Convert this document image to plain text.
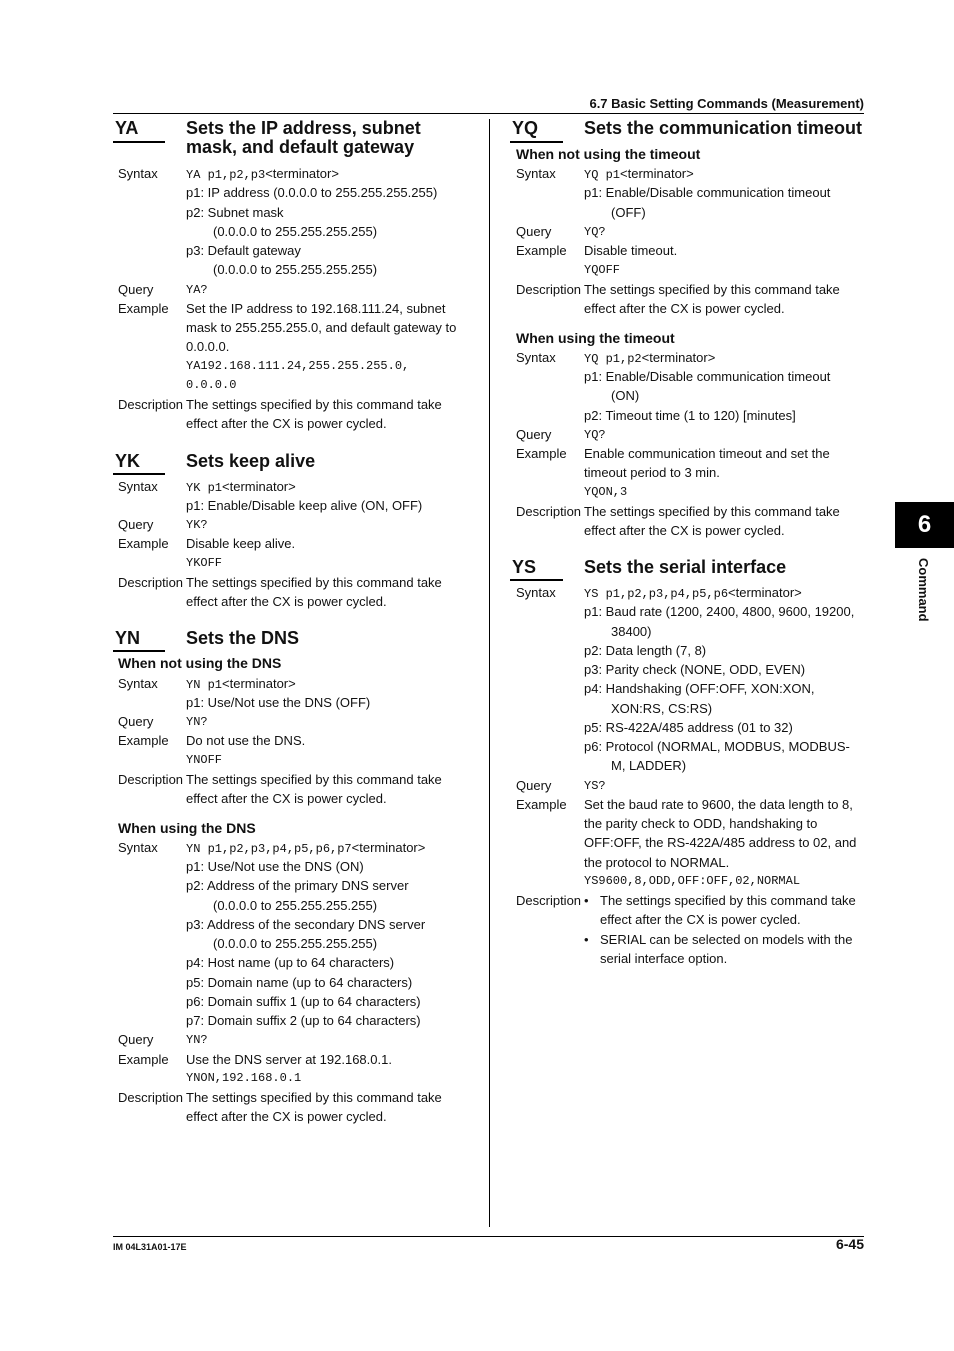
6.7 Basic Setting Commands (Measurement)
IM 04L31A01-17E	6-45
6
Command
YA	Sets the IP address, subnet
mask, and default gateway
Syntax YA p1,p2,p3<terminator>
p1: IP address (0.0.0.0 to 255.255.255.255)
p2: Subnet mask
(0.0.0.0 to 255.255.255.255)
p3: Default gateway
(0.0.0.0 to 255.255.255.255)
Query	YA?
Example Set the IP address to 192.168.111.24, subnet
mask to 255.255.255.0, and default gateway to
0.0.0.0.
YA192.168.111.24,255.255.255.0,
0.0.0.0
Description The settings specified by this command take
effect after the CX is power cycled.
YK	Sets keep alive
Syntax YK p1<terminator>
p1: Enable/Disable keep alive (ON, OFF)
Query	YK?
Example Disable keep alive.
YKOFF
Description The settings specified by this command take
effect after the CX is power cycled.
YN	Sets the DNS
When not using the DNS
Syntax YN p1<terminator>
p1: Use/Not use the DNS (OFF)
Query	YN?
Example Do not use the DNS.
YNOFF
Description The settings specified by this command take
effect after the CX is power cycled.
When using the DNS
Syntax YN p1,p2,p3,p4,p5,p6,p7<terminator>
p1: Use/Not use the DNS (ON)
p2: Address of the primary DNS server
(0.0.0.0 to 255.255.255.255)
p3: Address of the secondary DNS server
(0.0.0.0 to 255.255.255.255)
p4: Host name (up to 64 characters)
p5: Domain name (up to 64 characters)
p6: Domain suffix 1 (up to 64 characters)
p7: Domain suffix 2 (up to 64 characters)
Query	YN?
Example Use the DNS server at 192.168.0.1.
YNON,192.168.0.1
Description The settings specified by this command take
effect after the CX is power cycled.
YQ	Sets the communication timeout
When not using the timeout
Syntax YQ p1<terminator>
p1: Enable/Disable communication timeout
(OFF)
Query	YQ?
Example Disable timeout.
YQOFF
Description The settings specified by this command take
effect after the CX is power cycled.
When using the timeout
Syntax YQ p1,p2<terminator>
p1: Enable/Disable communication timeout
(ON)
p2: Timeout time (1 to 120) [minutes]
Query	YQ?
Example Enable communication timeout and set the
timeout period to 3 min.
YQON,3
Description The settings specified by this command take
effect after the CX is power cycled.
YS	Sets the serial interface
Syntax YS p1,p2,p3,p4,p5,p6<terminator>
p1: Baud rate (1200, 2400, 4800, 9600, 19200,
38400)
p2: Data length (7, 8)
p3: Parity check (NONE, ODD, EVEN)
p4: Handshaking (OFF:OFF, XON:XON,
XON:RS, CS:RS)
p5: RS-422A/485 address (01 to 32)
p6: Protocol (NORMAL, MODBUS, MODBUS-
M, LADDER)
Query	YS?
Example Set the baud rate to 9600, the data length to 8,
the parity check to ODD, handshaking to
OFF:OFF, the RS-422A/485 address to 02, and
the protocol to NORMAL.
YS9600,8,ODD,OFF:OFF,02,NORMAL
Description • The settings specified by this command take
effect after the CX is power cycled.
• SERIAL can be selected on models with the
serial interface option.
